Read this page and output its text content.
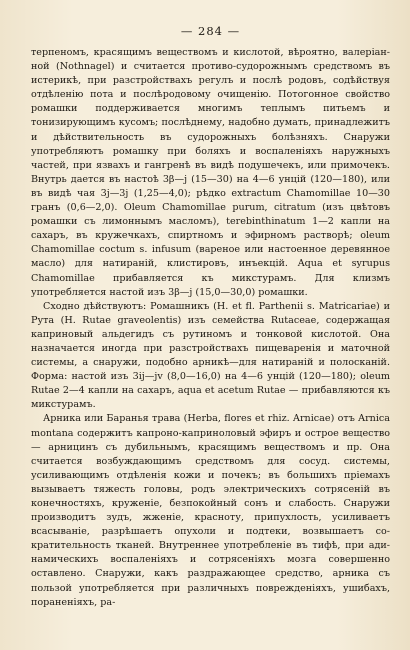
— 284 —

терпеномъ, красящимъ веществомъ и кислотой, вѣроятно, валеріанной (Nothnagel) и считается противо-судорожнымъ средствомъ въ истерикѣ, при разстройствахъ регулъ и послѣ родовъ, содѣйствуя отдѣленію пота и послѣродовому очищенію. Потогонное свойство ромашки поддерживается многимъ теплымъ питьемъ и тонизирующимъ кусомъ; послѣднему, надобно думать, принадлежитъ и дѣйствительность въ судорожныхъ болѣзняхъ. Снаружи употребляютъ ромашку при боляхъ и воспаленіяхъ наружныхъ частей, при язвахъ и гангренѣ въ видѣ подушечекъ, или примочекъ. Внутрь дается въ настоѣ 3β—j (15—30) на 4—6 унцій (120—180), или въ видѣ чая 3j—3j (1,25—4,0); рѣдко extractum Chamomillae 10—30 гранъ (0,6—2,0). Oleum Chamomillae purum, citratum (изъ цвѣтовъ ромашки съ лимоннымъ масломъ), terebinthinatum 1—2 капли на сахаръ, въ кружечкахъ, спиртномъ и эфирномъ растворѣ; oleum Chamomillae coctum s. infusum (вареное или настоенное деревянное масло) для натираній, клистировъ, инъекцій. Aqua et syrupus Chamomillae прибавляется къ микстурамъ. Для клизмъ употребляется настой изъ 3β—j (15,0—30,0) ромашки.

Сходно дѣйствуютъ: Ромашникъ (H. et fl. Parthenii s. Matricariae) и Рута (H. Rutae graveolentis) изъ семейства Rutaceae, содержащая каприновый альдегидъ съ рутиномъ и тонковой кислотой. Она назначается иногда при разстройствахъ пищеваренія и маточной системы, а снаружи, подобно арникѣ—для натираній и полосканій. Форма: настой изъ 3ij—jv (8,0—16,0) на 4—6 унцій (120—180); oleum Rutae 2—4 капли на сахаръ, aqua et acetum Rutae — прибавляются къ микстурамъ.

Арника или Баранья трава (Herba, flores et rhiz. Arnicae) отъ Arnica montana содержитъ капроно-каприноловый эфиръ и острое вещество — арницинъ съ дубильнымъ, красящимъ веществомъ и пр. Она считается возбуждающимъ средствомъ для сосуд. системы, усиливающимъ отдѣленія кожи и почекъ; въ большихъ пріемахъ вызываетъ тяжесть головы, родъ электрическихъ сотрясеній въ конечностяхъ, круженіе, безпокойный сонъ и слабость. Снаружи производитъ зудъ, жженіе, красноту, припухлость, усиливаетъ всасываніе, разрѣшаетъ опухоли и подтеки, возвышаетъ сократительность тканей. Внутреннее употребленіе въ тифѣ, при адинамическихъ воспаленіяхъ и сотрясеніяхъ мозга совершенно оставлено. Снаружи, какъ раздражающее средство, арника съ пользой употребляется при различныхъ поврежденіяхъ, ушибахъ, пораненіяхъ, ра-
